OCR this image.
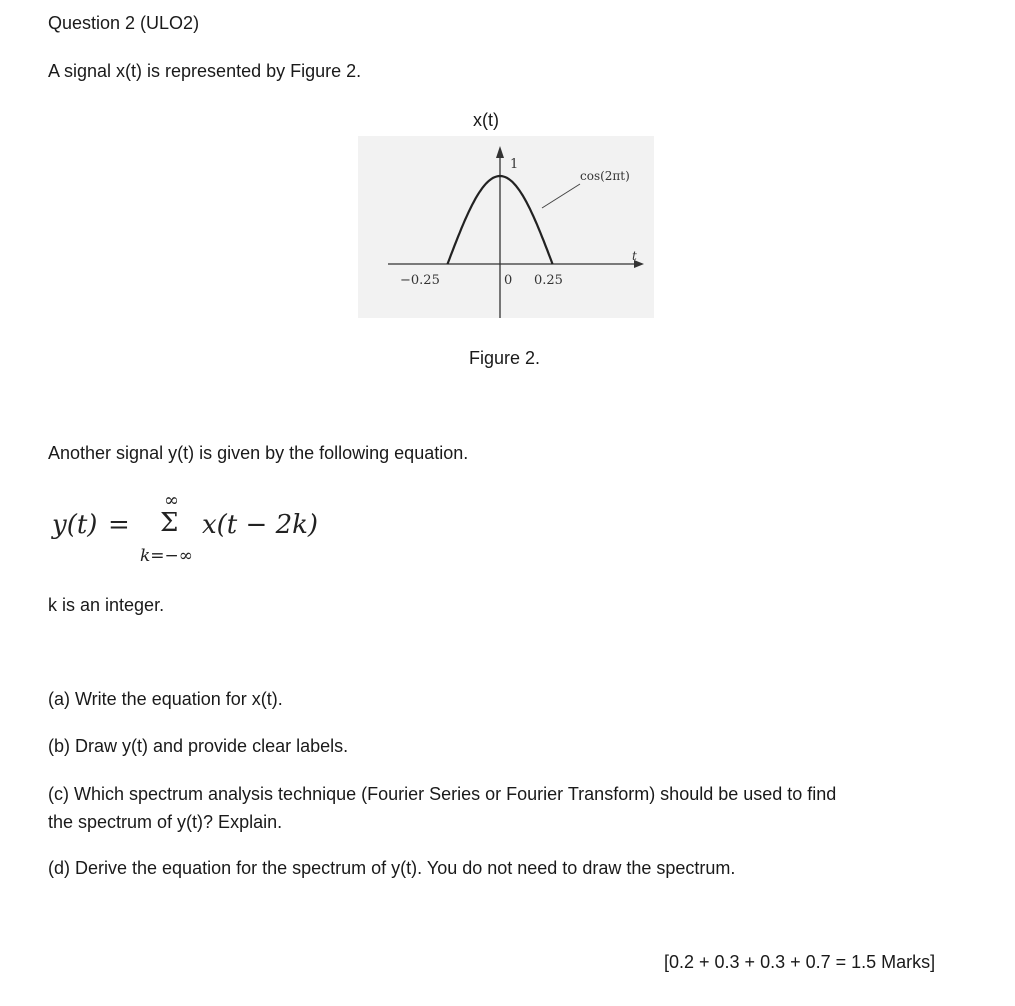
Question 2 (ULO2)
A signal x(t) is represented by Figure 2.
x(t)
1
cos(2πt)
t
−0.25	0 0.25
Figure 2.
Another signal y(t) is given by the following equation.
y(t) =
∞
Σ
k=−∞
x(t − 2k)
k is an integer.
(a) Write the equation for x(t).
(b) Draw y(t) and provide clear labels.
(c) Which spectrum analysis technique (Fourier Series or Fourier Transform) should be used to find
the spectrum of y(t)? Explain.
(d) Derive the equation for the spectrum of y(t). You do not need to draw the spectrum.
[0.2 + 0.3 + 0.3 + 0.7 = 1.5 Marks]
